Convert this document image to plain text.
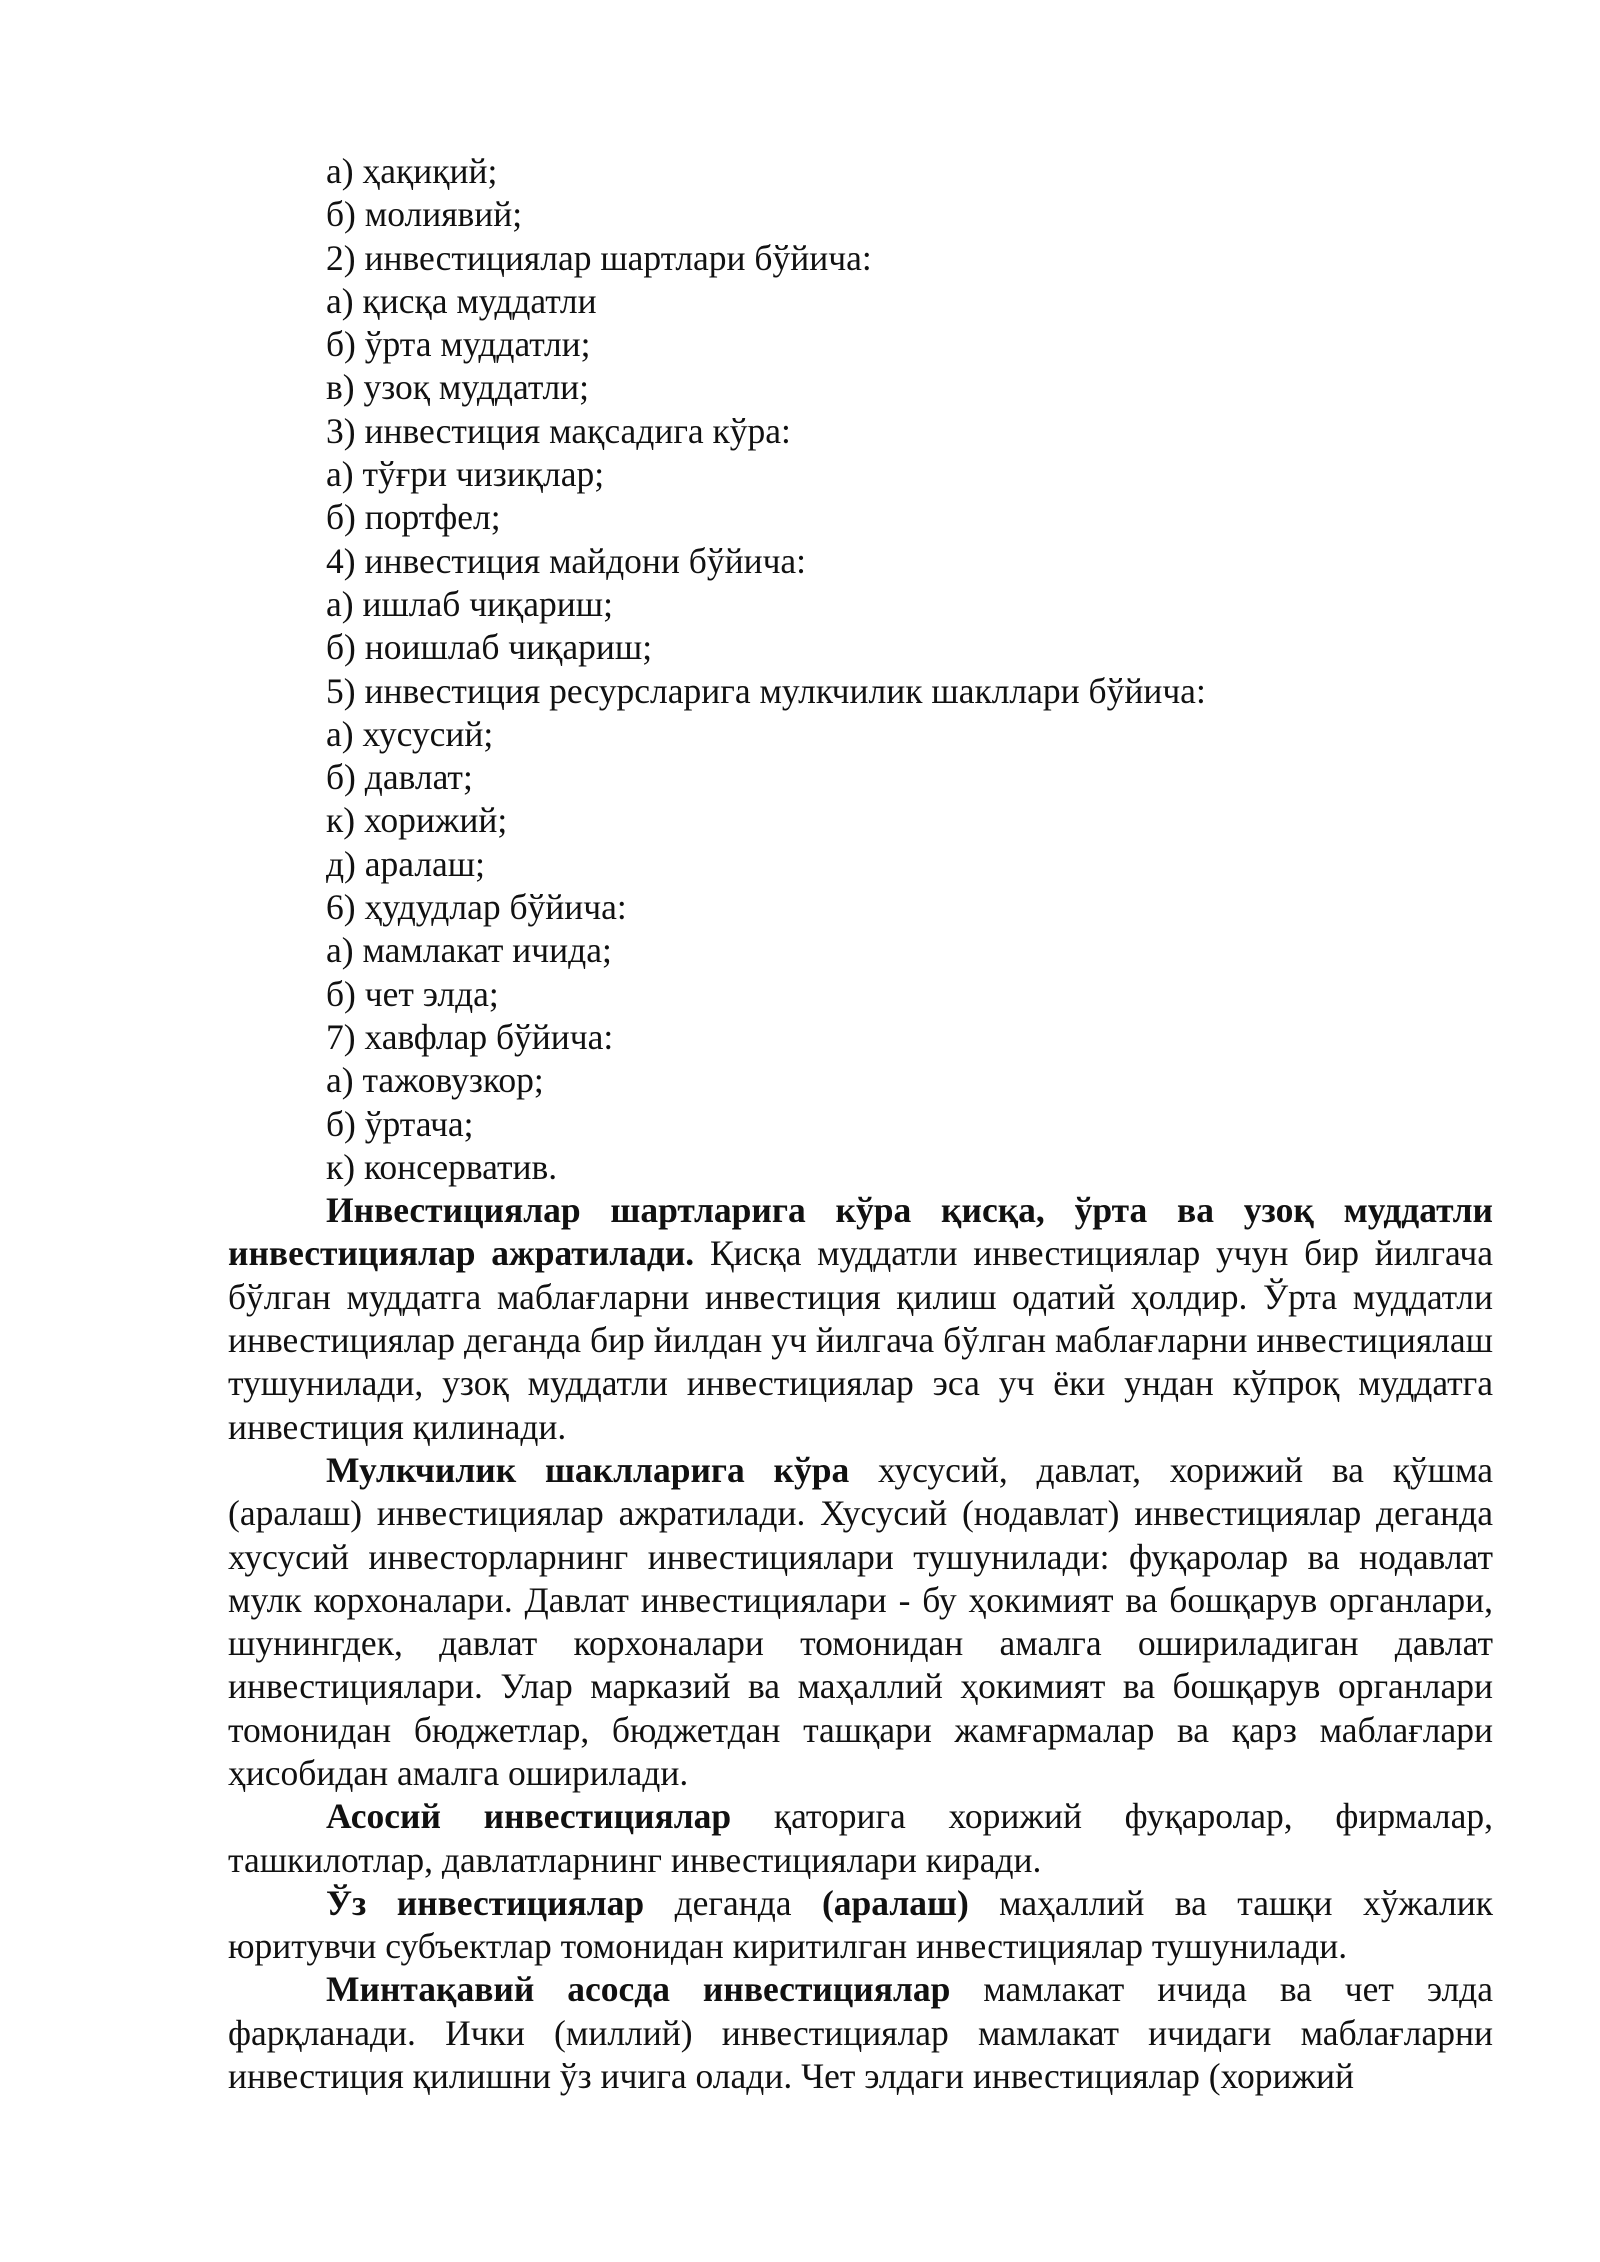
а) ҳақиқий;

б) молиявий;

2) инвестициялар шартлари бўйича:

а) қисқа муддатли

б) ўрта муддатли;

в) узоқ муддатли;

3) инвестиция мақсадига кўра:

а) тўғри чизиқлар;

б) портфел;

4) инвестиция майдони бўйича:

а) ишлаб чиқариш;

б) ноишлаб чиқариш;

5) инвестиция ресурсларига мулкчилик шакллари бўйича:

а) хусусий;

б) давлат;

к) хорижий;

д) аралаш;

6) ҳудудлар бўйича:

а) мамлакат ичида;

б) чет элда;

7) хавфлар бўйича:

а) тажовузкор;

б) ўртача;

к) консерватив.

Инвестициялар шартларига кўра қисқа, ўрта ва узоқ муддатли инвестициялар ажратилади. Қисқа муддатли инвестициялар учун бир йилгача бўлган муддатга маблағларни инвестиция қилиш одатий ҳолдир. Ўрта муддатли инвестициялар деганда бир йилдан уч йилгача бўлган маблағларни инвестициялаш тушунилади, узоқ муддатли инвестициялар эса уч ёки ундан кўпроқ муддатга инвестиция қилинади.

Мулкчилик шаклларига кўра хусусий, давлат, хорижий ва қўшма (аралаш) инвестициялар ажратилади. Хусусий (нодавлат) инвестициялар деганда хусусий инвесторларнинг инвестициялари тушунилади: фуқаролар ва нодавлат мулк корхоналари. Давлат инвестициялари - бу ҳокимият ва бошқарув органлари, шунингдек, давлат корхоналари томонидан амалга ошириладиган давлат инвестициялари. Улар марказий ва маҳаллий ҳокимият ва бошқарув органлари томонидан бюджетлар, бюджетдан ташқари жамғармалар ва қарз маблағлари ҳисобидан амалга оширилади.

Асосий инвестициялар қаторига хорижий фуқаролар, фирмалар, ташкилотлар, давлатларнинг инвестициялари киради.

Ўз инвестициялар деганда (аралаш) маҳаллий ва ташқи хўжалик юритувчи субъектлар томонидан киритилган инвестициялар тушунилади.

Минтақавий асосда инвестициялар мамлакат ичида ва чет элда фарқланади. Ички (миллий) инвестициялар мамлакат ичидаги маблағларни инвестиция қилишни ўз ичига олади. Чет элдаги инвестициялар (хорижий
